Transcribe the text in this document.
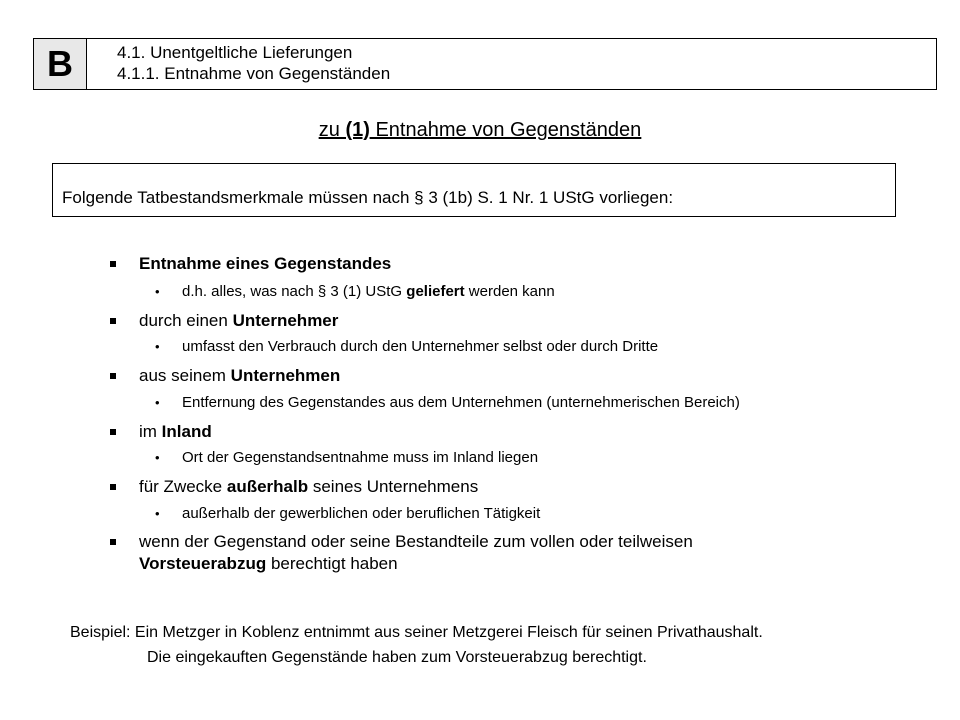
B	4.1. Unentgeltliche Lieferungen
4.1.1. Entnahme von Gegenständen
zu (1) Entnahme von Gegenständen
Folgende Tatbestandsmerkmale müssen nach § 3 (1b) S. 1 Nr. 1 UStG vorliegen:
Entnahme eines Gegenstandes
• d.h. alles, was nach § 3 (1) UStG geliefert werden kann
durch einen Unternehmer
• umfasst den Verbrauch durch den Unternehmer selbst oder durch Dritte
aus seinem Unternehmen
• Entfernung des Gegenstandes aus dem Unternehmen (unternehmerischen Bereich)
im Inland
• Ort der Gegenstandsentnahme muss im Inland liegen
für Zwecke außerhalb seines Unternehmens
• außerhalb der gewerblichen oder beruflichen Tätigkeit
wenn der Gegenstand oder seine Bestandteile zum vollen oder teilweisen
Vorsteuerabzug berechtigt haben
Beispiel: Ein Metzger in Koblenz entnimmt aus seiner Metzgerei Fleisch für seinen Privathaushalt.
Die eingekauften Gegenstände haben zum Vorsteuerabzug berechtigt.
